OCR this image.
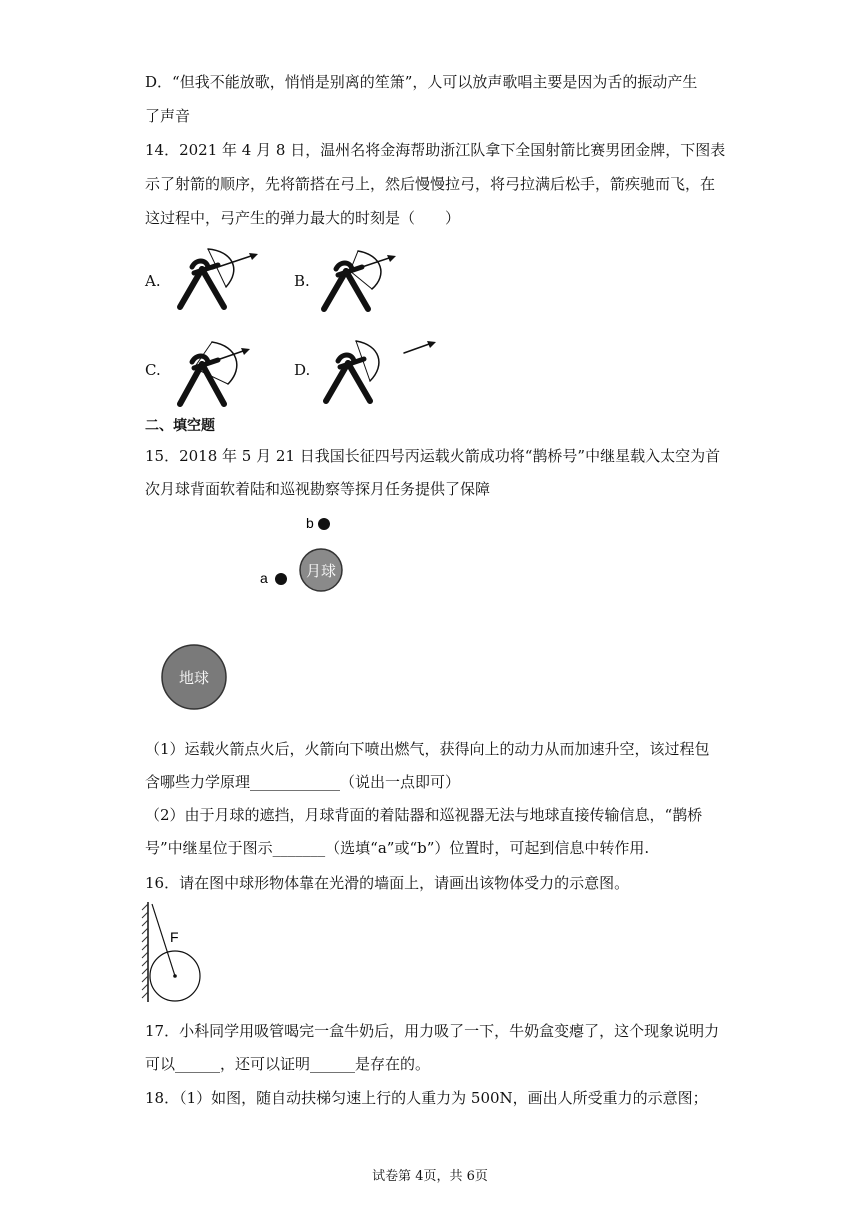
D．“但我不能放歌，悄悄是别离的笙箫”，人可以放声歌唱主要是因为舌的振动产生
了声音
14．2021 年 4 月 8 日，温州名将金海帮助浙江队拿下全国射箭比赛男团金牌，下图表
示了射箭的顺序，先将箭搭在弓上，然后慢慢拉弓，将弓拉满后松手，箭疾驰而飞，在
这过程中，弓产生的弹力最大的时刻是（　　）
A.	B.
C.	D.
二、填空题
15．2018 年 5 月 21 日我国长征四号丙运载火箭成功将“鹊桥号”中继星载入太空为首
次月球背面软着陆和巡视勘察等探月任务提供了保障
b
a	月球
地球
（1）运载火箭点火后，火箭向下喷出燃气，获得向上的动力从而加速升空，该过程包
含哪些力学原理____________（说出一点即可）
（2）由于月球的遮挡，月球背面的着陆器和巡视器无法与地球直接传输信息，“鹊桥
号”中继星位于图示_______（选填“a”或“b”）位置时，可起到信息中转作用.
16．请在图中球形物体靠在光滑的墙面上，请画出该物体受力的示意图。
F
17．小科同学用吸管喝完一盒牛奶后，用力吸了一下，牛奶盒变瘪了，这个现象说明力
可以______，还可以证明______是存在的。
18．（1）如图，随自动扶梯匀速上行的人重力为 500N，画出人所受重力的示意图；
试卷第 4页，共 6页
